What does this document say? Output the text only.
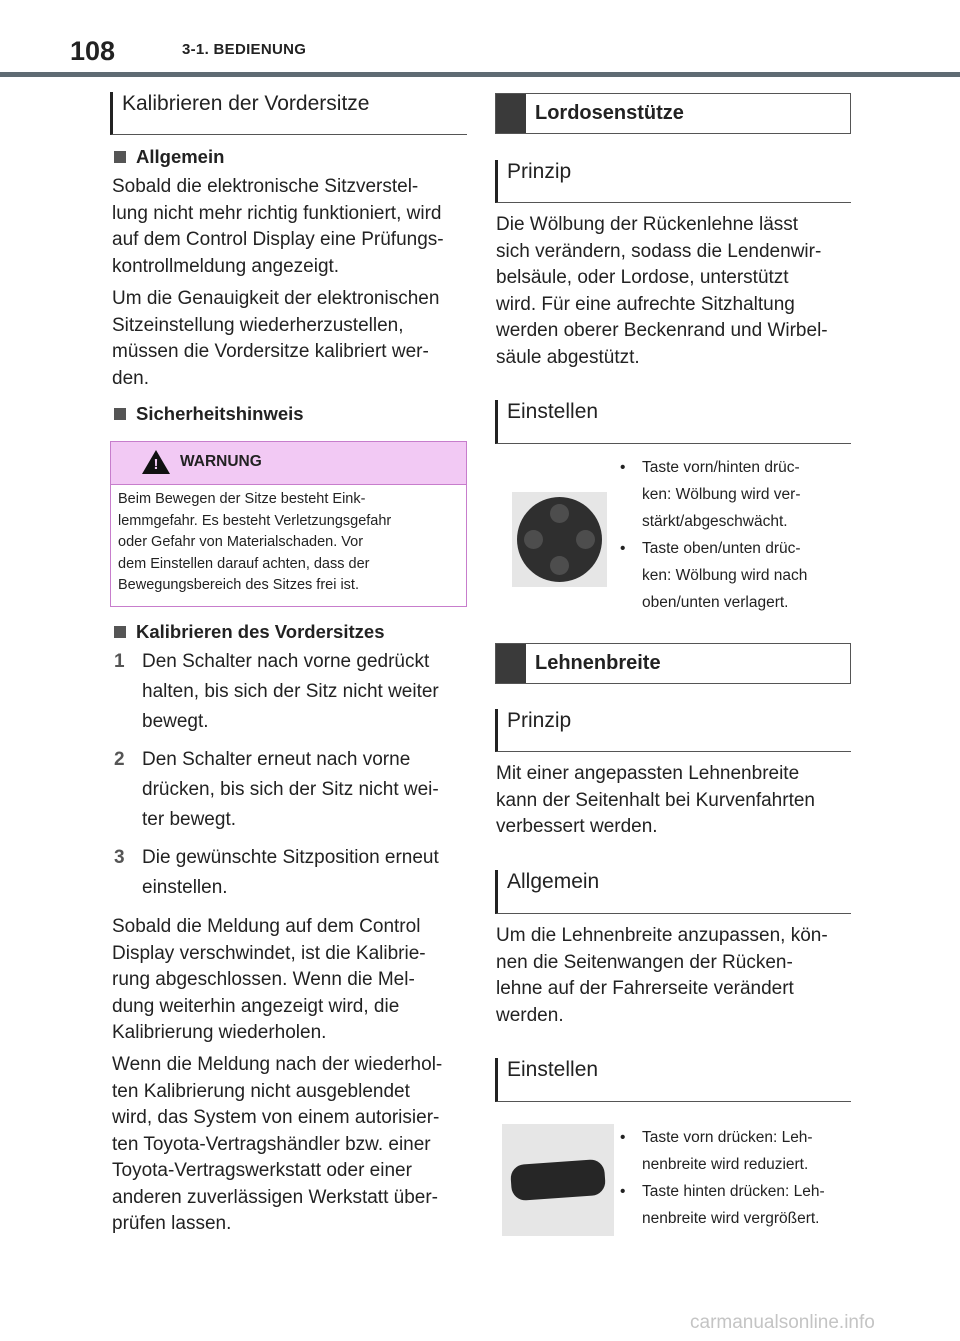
108	3-1. BEDIENUNG
Kalibrieren der Vordersitze
Allgemein
Sobald die elektronische Sitzverstel-
lung nicht mehr richtig funktioniert, wird
auf dem Control Display eine Prüfungs-
kontrollmeldung angezeigt.
Um die Genauigkeit der elektronischen
Sitzeinstellung wiederherzustellen,
müssen die Vordersitze kalibriert wer-
den.
Sicherheitshinweis
! WARNUNG
Beim Bewegen der Sitze besteht Eink-
lemmgefahr. Es besteht Verletzungsgefahr
oder Gefahr von Materialschaden. Vor
dem Einstellen darauf achten, dass der
Bewegungsbereich des Sitzes frei ist.
Kalibrieren des Vordersitzes
1 Den Schalter nach vorne gedrückt
halten, bis sich der Sitz nicht weiter
bewegt.
2 Den Schalter erneut nach vorne
drücken, bis sich der Sitz nicht wei-
ter bewegt.
3 Die gewünschte Sitzposition erneut
einstellen.
Sobald die Meldung auf dem Control
Display verschwindet, ist die Kalibrie-
rung abgeschlossen. Wenn die Mel-
dung weiterhin angezeigt wird, die
Kalibrierung wiederholen.
Wenn die Meldung nach der wiederhol-
ten Kalibrierung nicht ausgeblendet
wird, das System von einem autorisier-
ten Toyota-Vertragshändler bzw. einer
Toyota-Vertragswerkstatt oder einer
anderen zuverlässigen Werkstatt über-
prüfen lassen.
Lordosenstütze
Prinzip
Die Wölbung der Rückenlehne lässt
sich verändern, sodass die Lendenwir-
belsäule, oder Lordose, unterstützt
wird. Für eine aufrechte Sitzhaltung
werden oberer Beckenrand und Wirbel-
säule abgestützt.
Einstellen
•	Taste vorn/hinten drüc-
ken: Wölbung wird ver-
stärkt/abgeschwächt.
•	Taste oben/unten drüc-
ken: Wölbung wird nach
oben/unten verlagert.
Lehnenbreite
Prinzip
Mit einer angepassten Lehnenbreite
kann der Seitenhalt bei Kurvenfahrten
verbessert werden.
Allgemein
Um die Lehnenbreite anzupassen, kön-
nen die Seitenwangen der Rücken-
lehne auf der Fahrerseite verändert
werden.
Einstellen
•	Taste vorn drücken: Leh-
nenbreite wird reduziert.
•	Taste hinten drücken: Leh-
nenbreite wird vergrößert.
carmanualsonline.info
